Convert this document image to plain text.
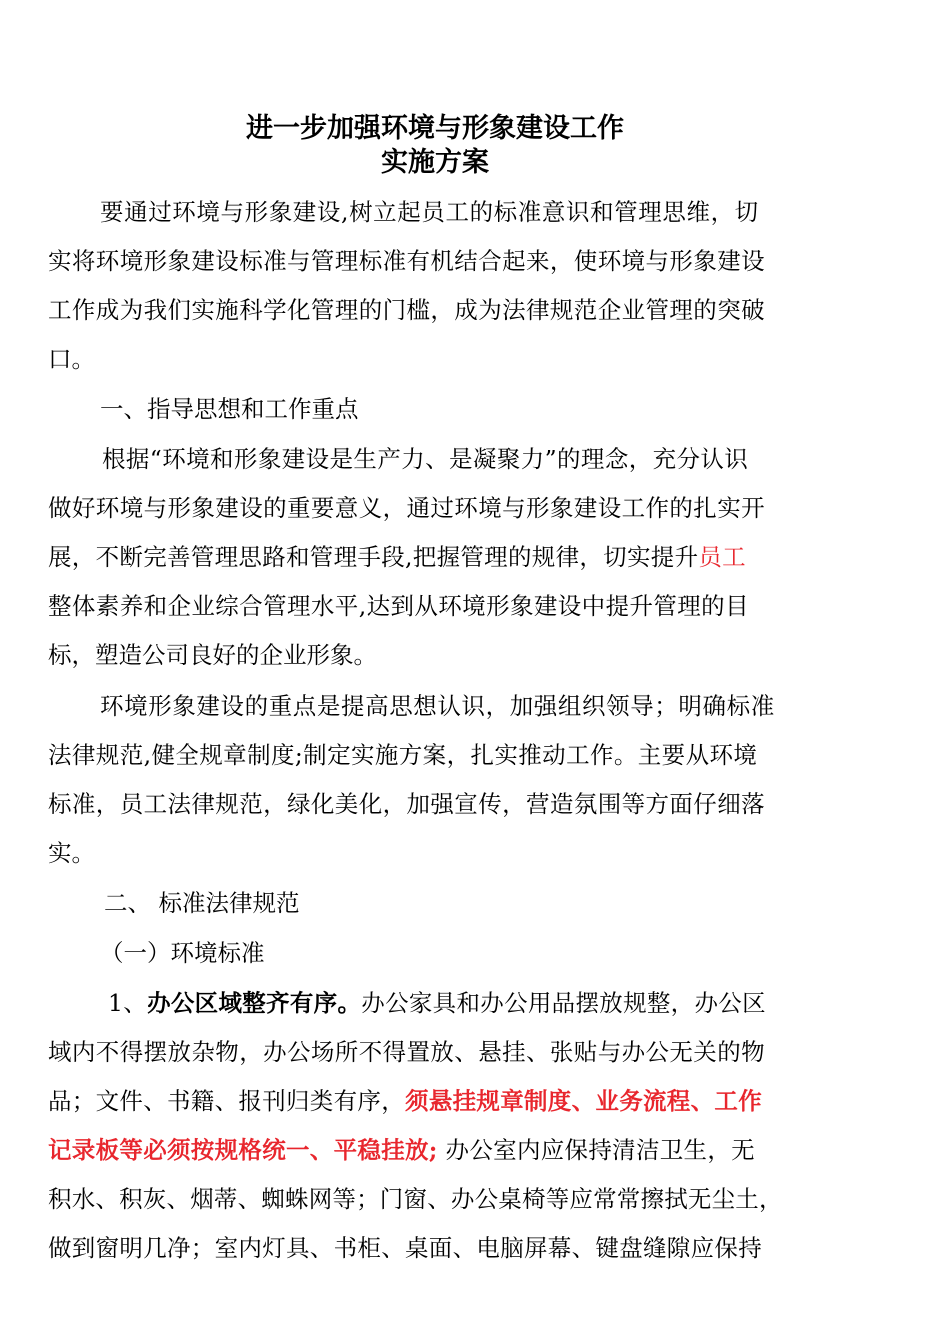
进一步加强环境与形象建设工作
实施方案
要通过环境与形象建设,树立起员工的标准意识和管理思维，切
实将环境形象建设标准与管理标准有机结合起来，使环境与形象建设
工作成为我们实施科学化管理的门槛，成为法律规范企业管理的突破
口。
一、指导思想和工作重点
根据“环境和形象建设是生产力、是凝聚力”的理念，充分认识
做好环境与形象建设的重要意义，通过环境与形象建设工作的扎实开
展，不断完善管理思路和管理手段,把握管理的规律，切实提升员工
整体素养和企业综合管理水平,达到从环境形象建设中提升管理的目
标，塑造公司良好的企业形象。
环境形象建设的重点是提高思想认识，加强组织领导；明确标准
法律规范,健全规章制度;制定实施方案，扎实推动工作。主要从环境
标准，员工法律规范，绿化美化，加强宣传，营造氛围等方面仔细落
实。
二、 标准法律规范
（一）环境标准
1、办公区域整齐有序。办公家具和办公用品摆放规整，办公区
域内不得摆放杂物，办公场所不得置放、悬挂、张贴与办公无关的物
品；文件、书籍、报刊归类有序，须悬挂规章制度、业务流程、工作
记录板等必须按规格统一、平稳挂放; 办公室内应保持清洁卫生，无
积水、积灰、烟蒂、蜘蛛网等；门窗、办公桌椅等应常常擦拭无尘土，
做到窗明几净；室内灯具、书柜、桌面、电脑屏幕、键盘缝隙应保持
